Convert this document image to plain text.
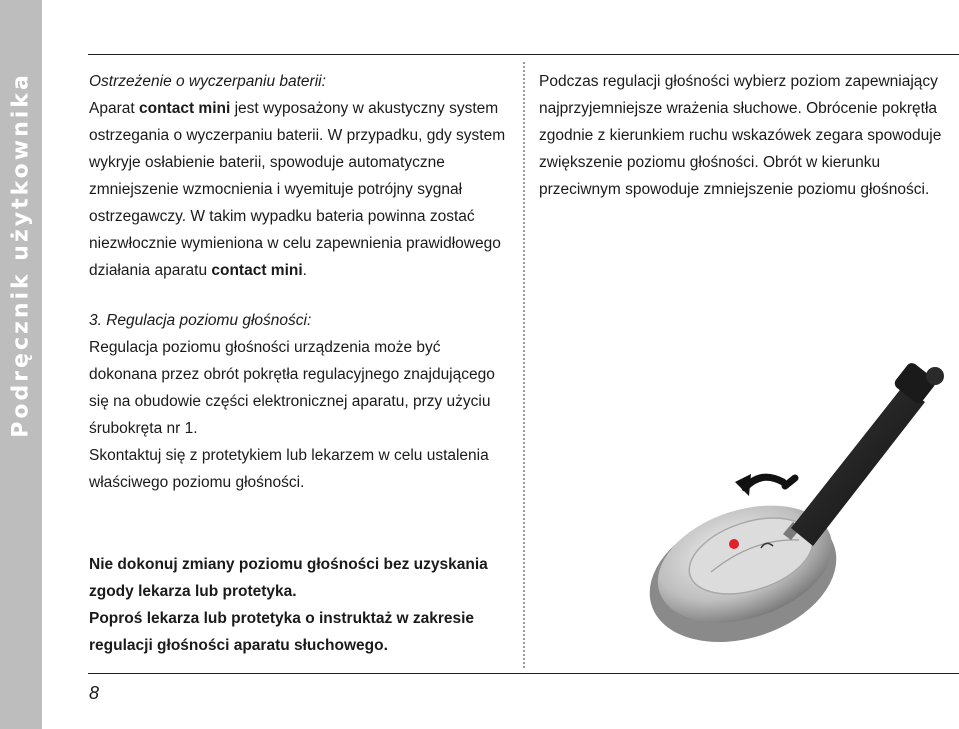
Podręcznik użytkownika	Ostrzeżenie o wyczerpaniu baterii:

Aparat contact mini jest wyposażony w akustyczny system ostrzegania o wyczerpaniu baterii. W przypadku, gdy system wykryje osłabienie baterii, spowoduje automatyczne zmniejszenie wzmocnienia i wyemituje potrójny sygnał ostrzegawczy. W takim wypadku bateria powinna zostać niezwłocznie wymieniona w celu zapewnienia prawidłowego działania aparatu contact mini.

3. Regulacja poziomu głośności:

Regulacja poziomu głośności urządzenia może być dokonana przez obrót pokrętła regulacyjnego znajdującego się na obudowie części elektronicznej aparatu, przy użyciu śrubokręta nr 1.

Skontaktuj się z protetykiem lub lekarzem w celu ustalenia właściwego poziomu głośności.

Nie dokonuj zmiany poziomu głośności bez uzyskania zgody lekarza lub protetyka.
Poproś lekarza lub protetyka o instruktaż w zakresie regulacji głośności aparatu słuchowego.

Podczas regulacji głośności wybierz poziom zapewniający najprzyjemniejsze wrażenia słuchowe. Obrócenie pokrętła zgodnie z kierunkiem ruchu wskazówek zegara spowoduje zwiększenie poziomu głośności. Obrót w kierunku przeciwnym spowoduje zmniejszenie poziomu głośności.

8
